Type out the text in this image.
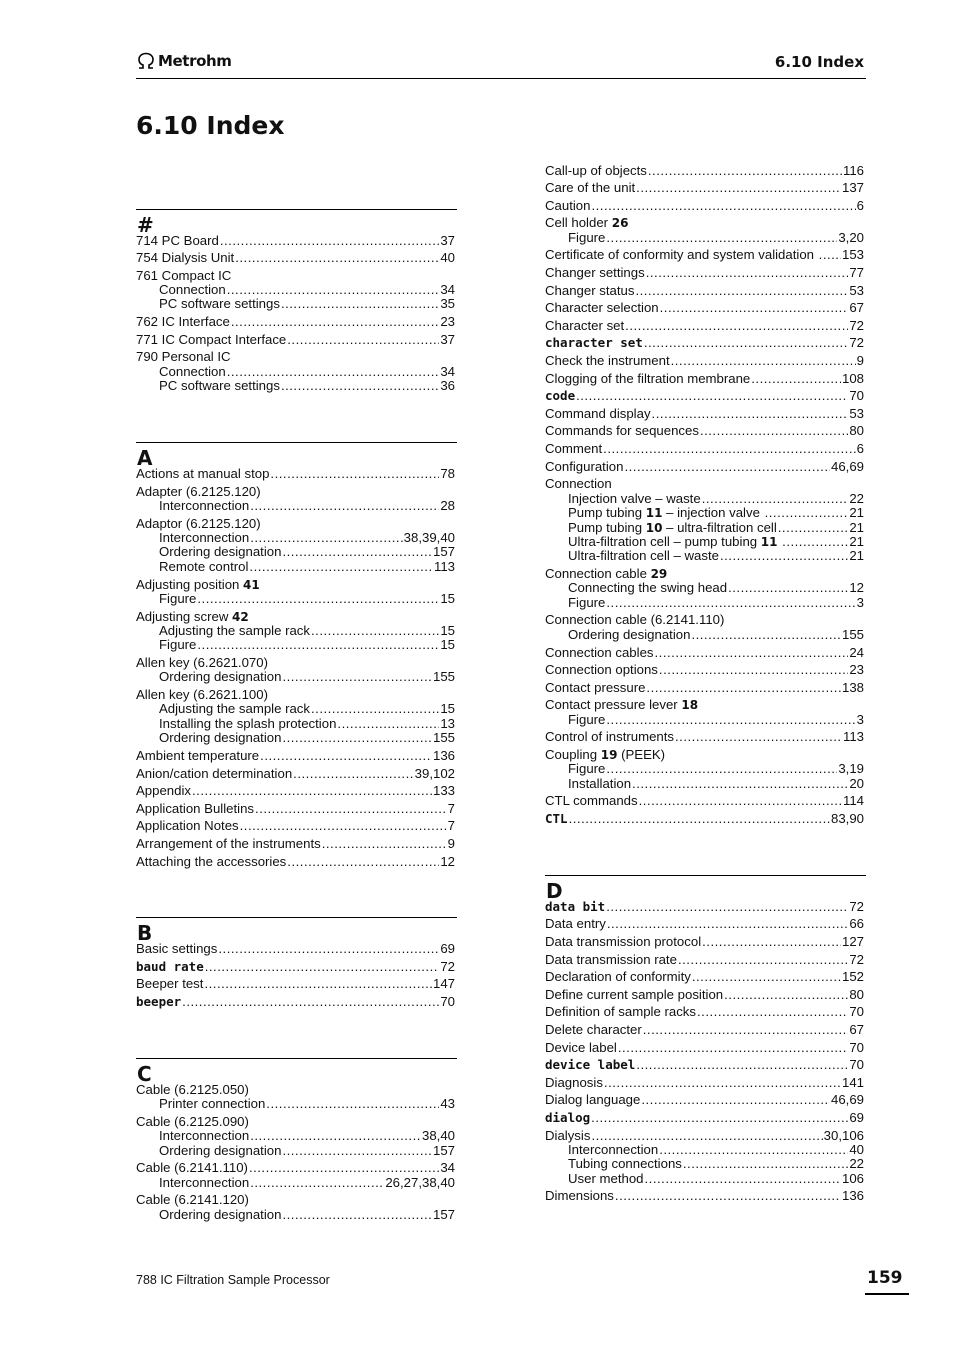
Metrohm	6.10 Index
6.10 Index
#
714 PC Board .....	37
754 Dialysis Unit .....	40
761 Compact IC
Connection .....	34
PC software settings .....	35
762 IC Interface .....	23
771 IC Compact Interface .....	37
790 Personal IC
Connection .....	34
PC software settings .....	36
A
Actions at manual stop .....	78
Adapter (6.2125.120)
Interconnection .....	28
Adaptor (6.2125.120)
Interconnection .....	38,39,40
Ordering designation .....	157
Remote control .....	113
Adjusting position 41
Figure .....	15
Adjusting screw 42
Adjusting the sample rack .....	15
Figure .....	15
Allen key (6.2621.070)
Ordering designation .....	155
Allen key (6.2621.100)
Adjusting the sample rack .....	15
Installing the splash protection .....	13
Ordering designation .....	155
Ambient temperature .....	136
Anion/cation determination .....	39,102
Appendix .....	133
Application Bulletins .....	7
Application Notes .....	7
Arrangement of the instruments .....	9
Attaching the accessories .....	12
B
Basic settings .....	69
baud rate .....	72
Beeper test .....	147
beeper .....	70
C
Cable (6.2125.050)
Printer connection .....	43
Cable (6.2125.090)
Interconnection .....	38,40
Ordering designation .....	157
Cable (6.2141.110) .....	34
Interconnection .....	26,27,38,40
Cable (6.2141.120)
Ordering designation .....	157
Call-up of objects .....	116
Care of the unit .....	137
Caution .....	6
Cell holder 26
Figure .....	3,20
Certificate of conformity and system validation ..... 153
Changer settings .....	77
Changer status .....	53
Character selection .....	67
Character set .....	72
character set .....	72
Check the instrument .....	9
Clogging of the filtration membrane .....	108
code .....	70
Command display .....	53
Commands for sequences .....	80
Comment .....	6
Configuration .....	46,69
Connection
Injection valve – waste .....	22
Pump tubing 11 – injection valve .....	21
Pump tubing 10 – ultra-filtration cell .....	21
Ultra-filtration cell – pump tubing 11
.....	21
Ultra-filtration cell – waste .....	21
Connection cable 29
Connecting the swing head .....	12
Figure .....	3
Connection cable (6.2141.110)
Ordering designation .....	155
Connection cables .....	24
Connection options .....	23
Contact pressure .....	138
Contact pressure lever 18
Figure .....	3
Control of instruments .....	113
Coupling 19 (PEEK)
Figure .....	3,19
Installation .....	20
CTL commands .....	114
CTL .....	83,90
D
data bit .....	72
Data entry .....	66
Data transmission protocol .....	127
Data transmission rate .....	72
Declaration of conformity .....	152
Define current sample position .....	80
Definition of sample racks .....	70
Delete character .....	67
Device label .....	70
device label .....	70
Diagnosis .....	141
Dialog language .....	46,69
dialog .....	69
Dialysis .....	30,106
Interconnection .....	40
Tubing connections .....	22
User method .....	106
Dimensions .....	136
788 IC Filtration Sample Processor	159
